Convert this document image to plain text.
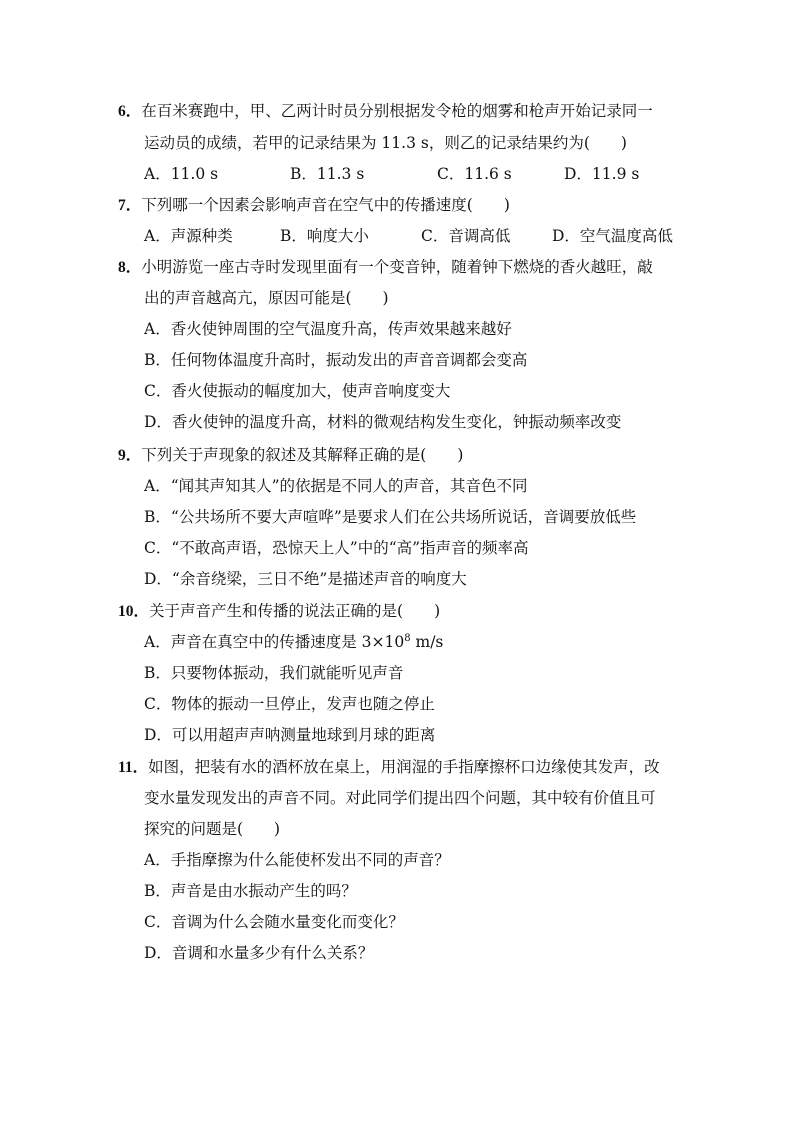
6．在百米赛跑中，甲、乙两计时员分别根据发令枪的烟雾和枪声开始记录同一
运动员的成绩，若甲的记录结果为 11.3 s，则乙的记录结果约为(　　)
A．11.0 s	B．11.3 s	C．11.6 s	D．11.9 s
7．下列哪一个因素会影响声音在空气中的传播速度(　　)
A．声源种类	B．响度大小	C．音调高低	D．空气温度高低
8．小明游览一座古寺时发现里面有一个变音钟，随着钟下燃烧的香火越旺，敲
出的声音越高亢，原因可能是(　　)
A．香火使钟周围的空气温度升高，传声效果越来越好
B．任何物体温度升高时，振动发出的声音音调都会变高
C．香火使振动的幅度加大，使声音响度变大
D．香火使钟的温度升高，材料的微观结构发生变化，钟振动频率改变
9．下列关于声现象的叙述及其解释正确的是(　　)
A．“闻其声知其人”的依据是不同人的声音，其音色不同
B．“公共场所不要大声喧哗”是要求人们在公共场所说话，音调要放低些
C．“不敢高声语，恐惊天上人”中的“高”指声音的频率高
D．“余音绕梁，三日不绝”是描述声音的响度大
10．关于声音产生和传播的说法正确的是(　　)
A．声音在真空中的传播速度是 $3\times 10^8$ m/s
B．只要物体振动，我们就能听见声音
C．物体的振动一旦停止，发声也随之停止
D．可以用超声声呐测量地球到月球的距离
11．如图，把装有水的酒杯放在桌上，用润湿的手指摩擦杯口边缘使其发声，改
变水量发现发出的声音不同。对此同学们提出四个问题，其中较有价值且可
探究的问题是(　　)
A．手指摩擦为什么能使杯发出不同的声音？
B．声音是由水振动产生的吗？
C．音调为什么会随水量变化而变化？
D．音调和水量多少有什么关系？
